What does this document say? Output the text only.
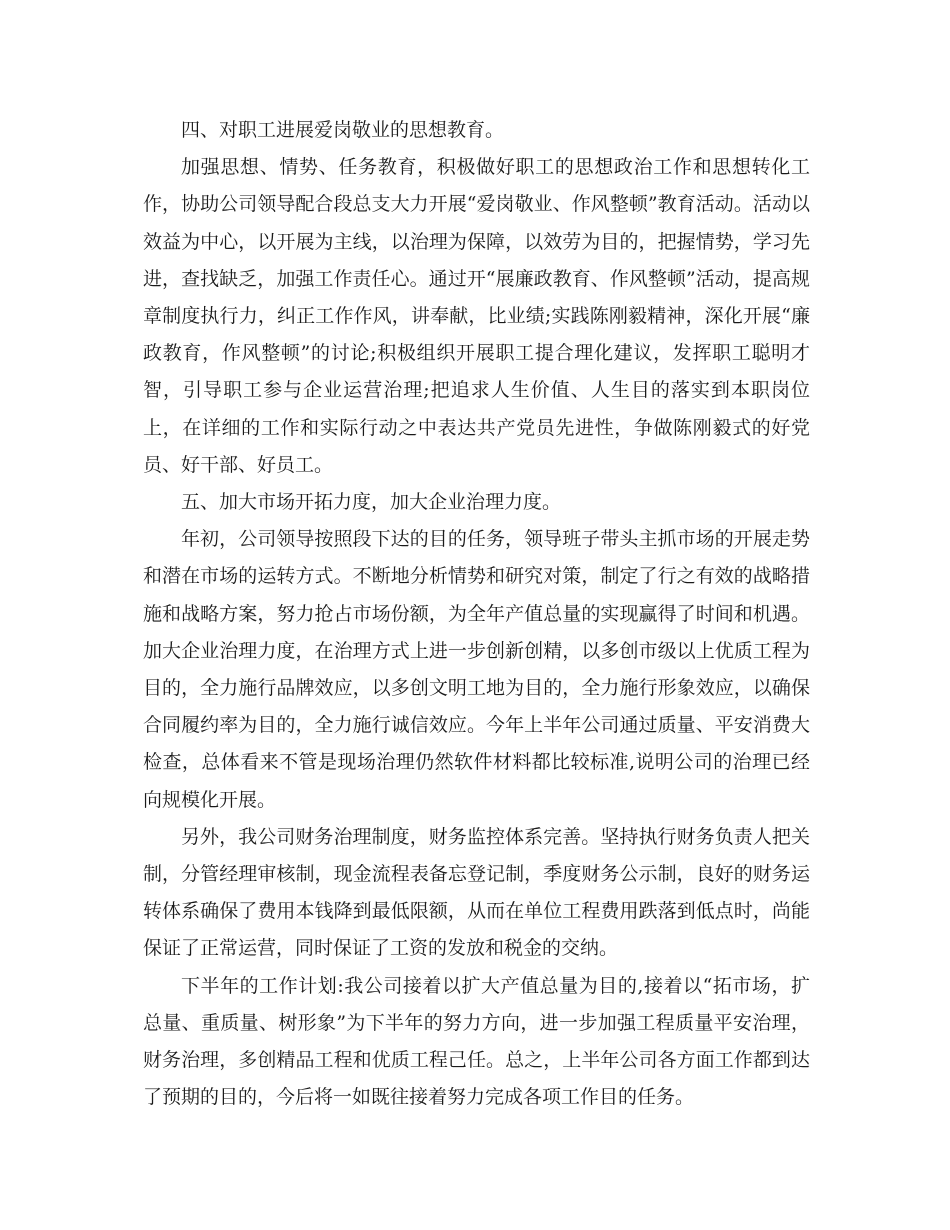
四、对职工进展爱岗敬业的思想教育。

加强思想、情势、任务教育，积极做好职工的思想政治工作和思想转化工作，协助公司领导配合段总支大力开展“爱岗敬业、作风整顿”教育活动。活动以效益为中心，以开展为主线，以治理为保障，以效劳为目的，把握情势，学习先进，查找缺乏，加强工作责任心。通过开“展廉政教育、作风整顿”活动，提高规章制度执行力，纠正工作作风，讲奉献，比业绩;实践陈刚毅精神，深化开展“廉政教育，作风整顿”的讨论;积极组织开展职工提合理化建议，发挥职工聪明才智，引导职工参与企业运营治理;把追求人生价值、人生目的落实到本职岗位上，在详细的工作和实际行动之中表达共产党员先进性，争做陈刚毅式的好党员、好干部、好员工。

五、加大市场开拓力度，加大企业治理力度。

年初，公司领导按照段下达的目的任务，领导班子带头主抓市场的开展走势和潜在市场的运转方式。不断地分析情势和研究对策，制定了行之有效的战略措施和战略方案，努力抢占市场份额，为全年产值总量的实现赢得了时间和机遇。加大企业治理力度，在治理方式上进一步创新创精，以多创市级以上优质工程为目的，全力施行品牌效应，以多创文明工地为目的，全力施行形象效应，以确保合同履约率为目的，全力施行诚信效应。今年上半年公司通过质量、平安消费大检查，总体看来不管是现场治理仍然软件材料都比较标准,说明公司的治理已经向规模化开展。

另外，我公司财务治理制度，财务监控体系完善。坚持执行财务负责人把关制，分管经理审核制，现金流程表备忘登记制，季度财务公示制，良好的财务运转体系确保了费用本钱降到最低限额，从而在单位工程费用跌落到低点时，尚能保证了正常运营，同时保证了工资的发放和税金的交纳。

下半年的工作计划:我公司接着以扩大产值总量为目的,接着以“拓市场，扩总量、重质量、树形象”为下半年的努力方向，进一步加强工程质量平安治理，财务治理，多创精品工程和优质工程己任。总之，上半年公司各方面工作都到达了预期的目的，今后将一如既往接着努力完成各项工作目的任务。
